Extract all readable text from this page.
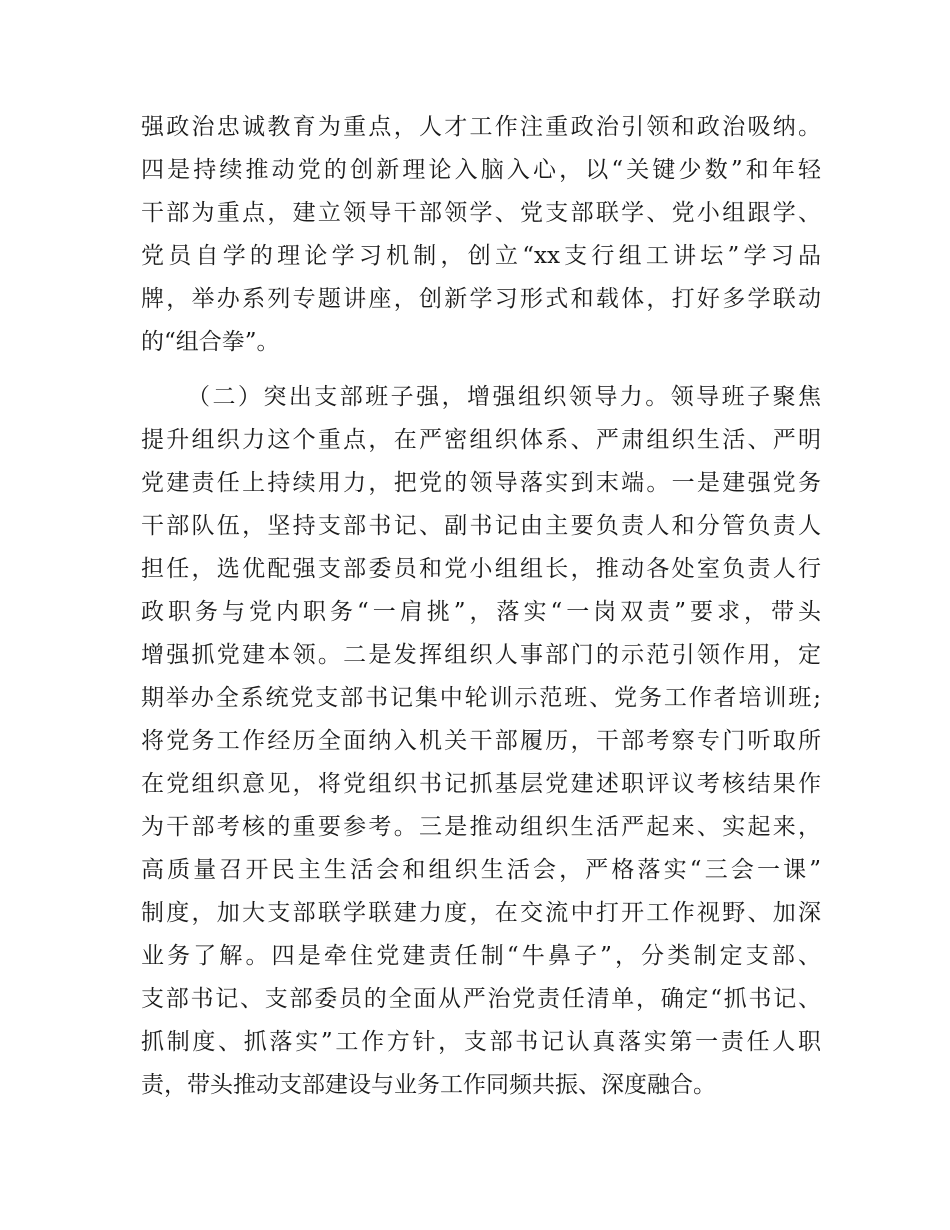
强政治忠诚教育为重点，人才工作注重政治引领和政治吸纳。
四是持续推动党的创新理论入脑入心，以“关键少数”和年轻
干部为重点，建立领导干部领学、党支部联学、党小组跟学、
党员自学的理论学习机制，创立“xx支行组工讲坛”学习品
牌，举办系列专题讲座，创新学习形式和载体，打好多学联动
的“组合拳”。
（二）突出支部班子强，增强组织领导力。领导班子聚焦
提升组织力这个重点，在严密组织体系、严肃组织生活、严明
党建责任上持续用力，把党的领导落实到末端。一是建强党务
干部队伍，坚持支部书记、副书记由主要负责人和分管负责人
担任，选优配强支部委员和党小组组长，推动各处室负责人行
政职务与党内职务“一肩挑”，落实“一岗双责”要求，带头
增强抓党建本领。二是发挥组织人事部门的示范引领作用，定
期举办全系统党支部书记集中轮训示范班、党务工作者培训班;
将党务工作经历全面纳入机关干部履历，干部考察专门听取所
在党组织意见，将党组织书记抓基层党建述职评议考核结果作
为干部考核的重要参考。三是推动组织生活严起来、实起来，
高质量召开民主生活会和组织生活会，严格落实“三会一课”
制度，加大支部联学联建力度，在交流中打开工作视野、加深
业务了解。四是牵住党建责任制“牛鼻子”，分类制定支部、
支部书记、支部委员的全面从严治党责任清单，确定“抓书记、
抓制度、抓落实”工作方针，支部书记认真落实第一责任人职
责，带头推动支部建设与业务工作同频共振、深度融合。
